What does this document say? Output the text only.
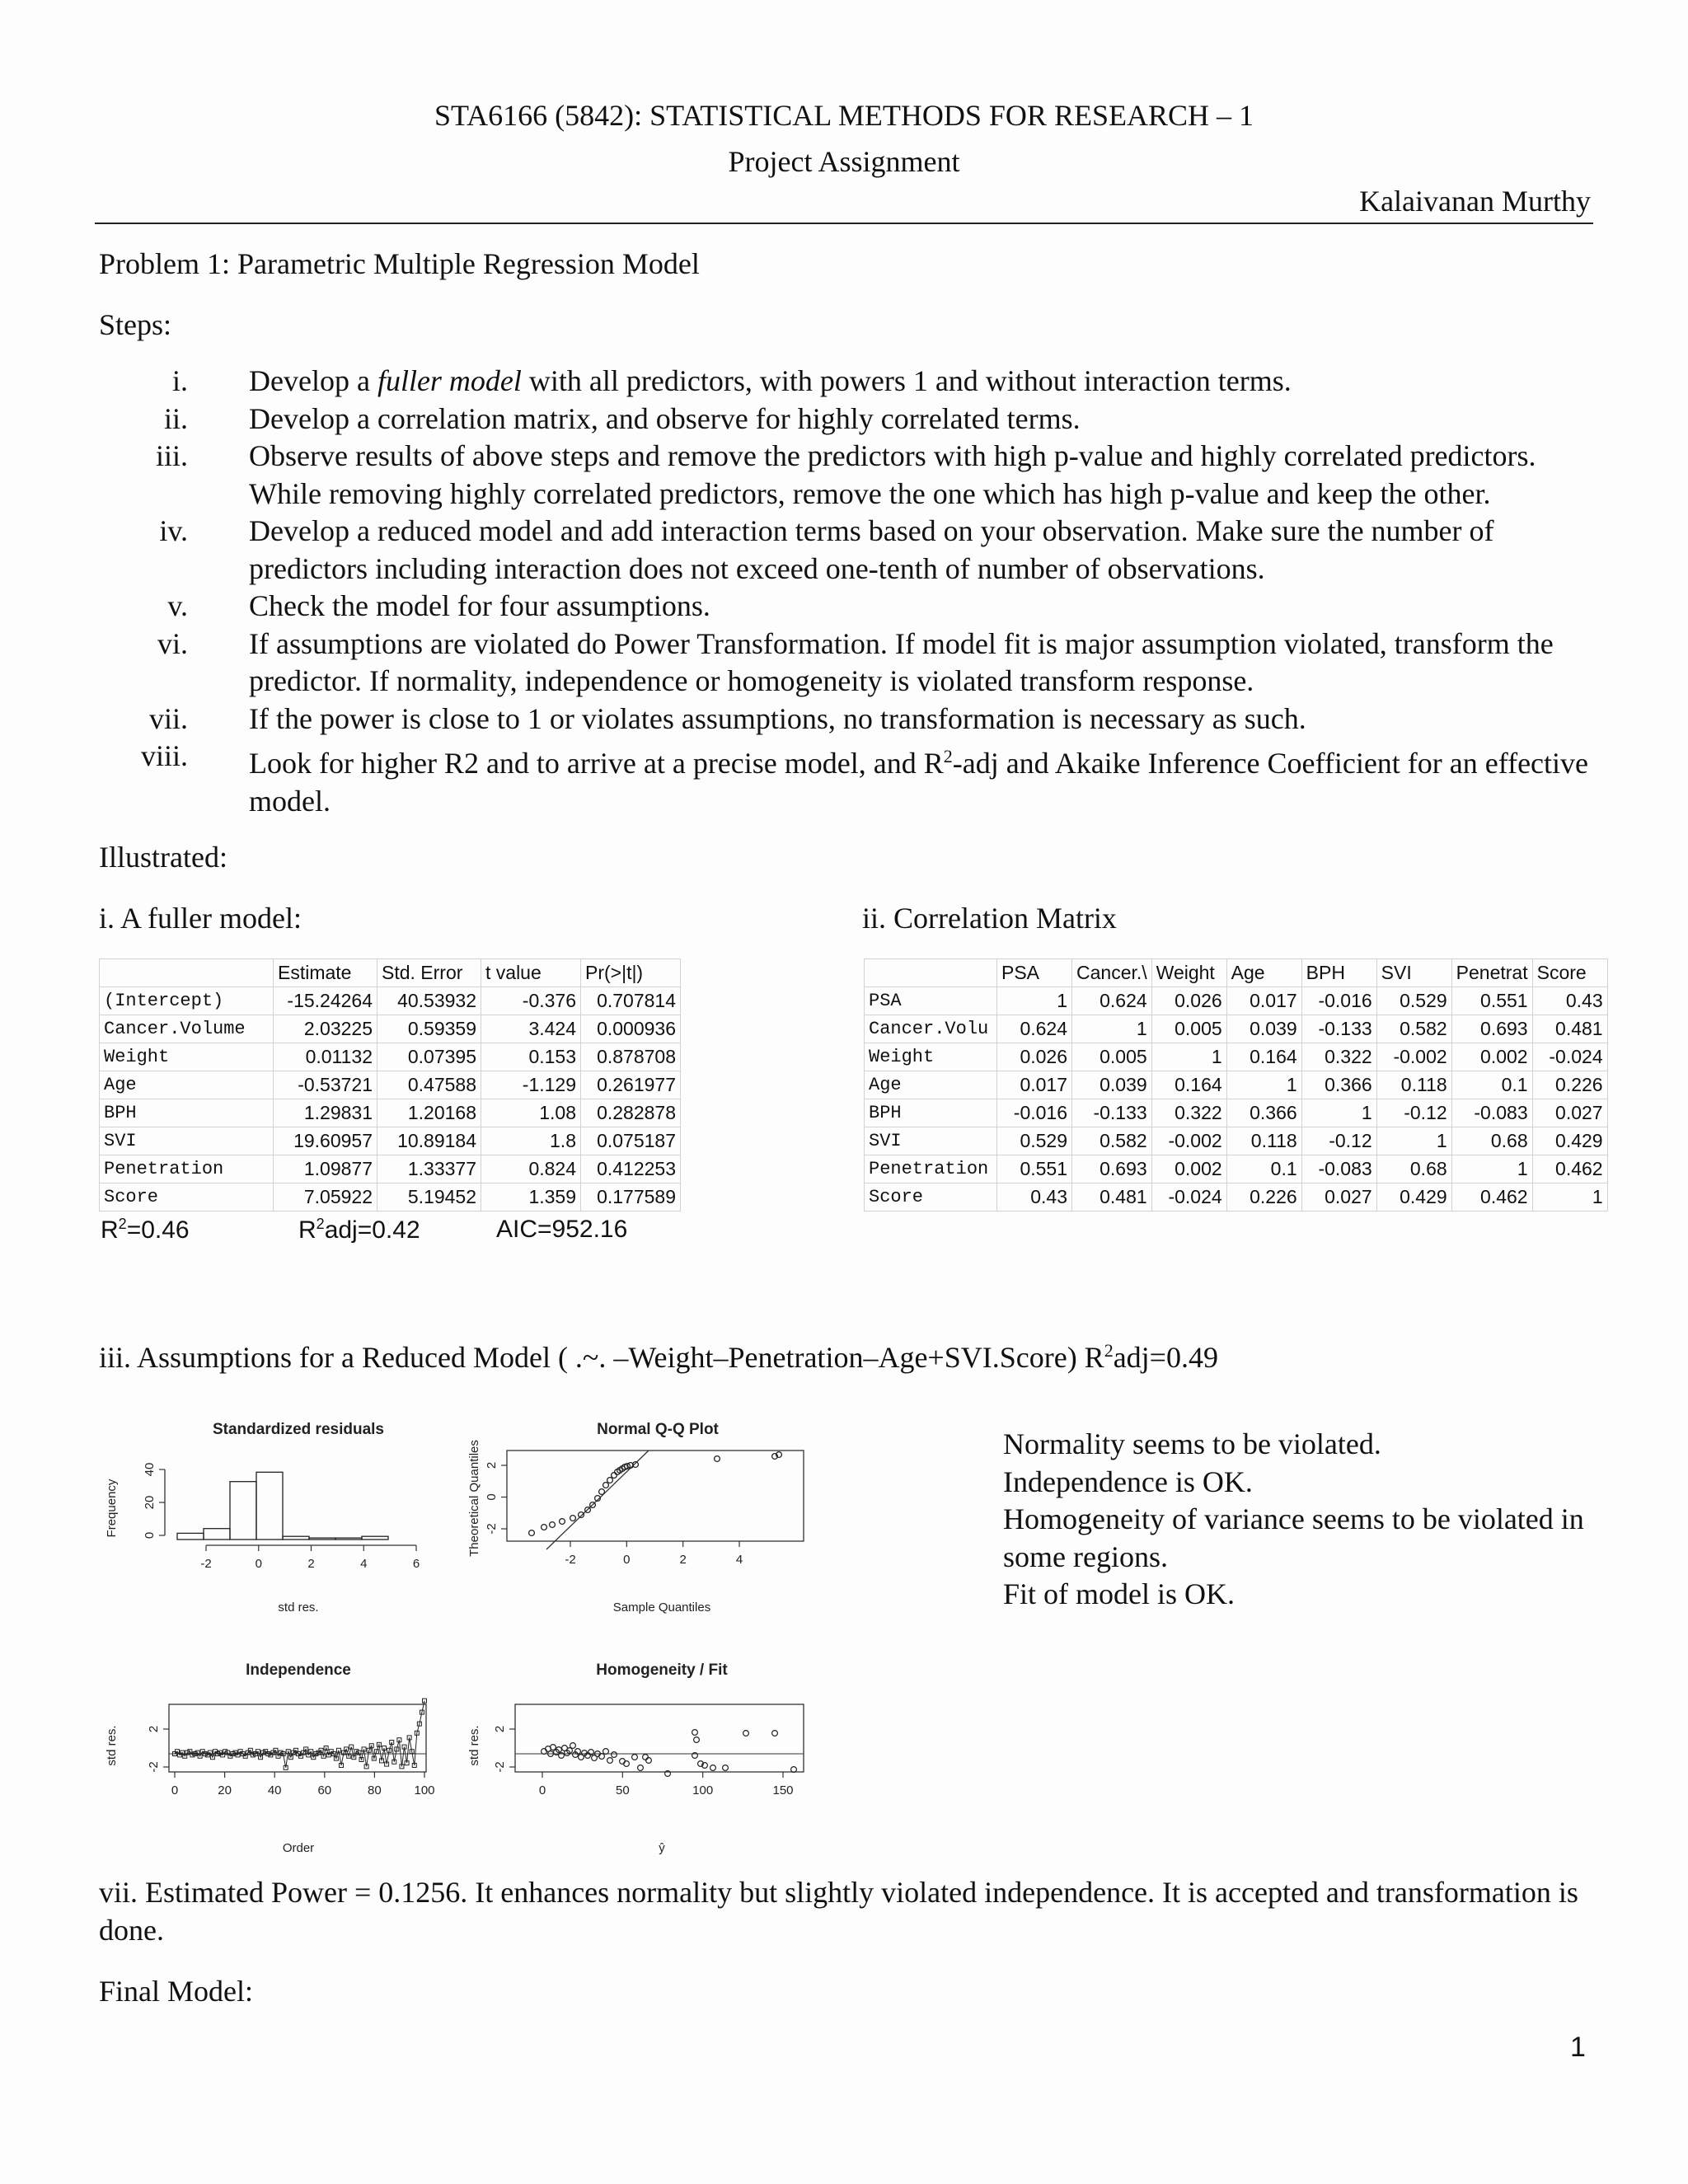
STA6166 (5842): STATISTICAL METHODS FOR RESEARCH – 1
Project Assignment
Kalaivanan Murthy
Problem 1: Parametric Multiple Regression Model
Steps:
i. Develop a fuller model with all predictors, with powers 1 and without interaction terms.
ii. Develop a correlation matrix, and observe for highly correlated terms.
iii. Observe results of above steps and remove the predictors with high p-value and highly correlated predictors. While removing highly correlated predictors, remove the one which has high p-value and keep the other.
iv. Develop a reduced model and add interaction terms based on your observation. Make sure the number of predictors including interaction does not exceed one-tenth of number of observations.
v. Check the model for four assumptions.
vi. If assumptions are violated do Power Transformation. If model fit is major assumption violated, transform the predictor. If normality, independence or homogeneity is violated transform response.
vii. If the power is close to 1 or violates assumptions, no transformation is necessary as such.
viii. Look for higher R2 and to arrive at a precise model, and $R^2$-adj and Akaike Inference Coefficient for an effective model.
Illustrated:
i. A fuller model:	ii. Correlation Matrix
	Estimate	Std. Error	t value	Pr(>|t|)
(Intercept)	-15.24264	40.53932	-0.376	0.707814
Cancer.Volume	2.03225	0.59359	3.424	0.000936
Weight	0.01132	0.07395	0.153	0.878708
Age	-0.53721	0.47588	-1.129	0.261977
BPH	1.29831	1.20168	1.08	0.282878
SVI	19.60957	10.89184	1.8	0.075187
Penetration	1.09877	1.33377	0.824	0.412253
Score	7.05922	5.19452	1.359	0.177589
$R^2=0.46$	$R^2adj=0.42$	AIC=952.16
	PSA	Cancer.\	Weight	Age	BPH	SVI	Penetrat	Score
PSA	1	0.624	0.026	0.017	-0.016	0.529	0.551	0.43
Cancer.Volu	0.624	1	0.005	0.039	-0.133	0.582	0.693	0.481
Weight	0.026	0.005	1	0.164	0.322	-0.002	0.002	-0.024
Age	0.017	0.039	0.164	1	0.366	0.118	0.1	0.226
BPH	-0.016	-0.133	0.322	0.366	1	-0.12	-0.083	0.027
SVI	0.529	0.582	-0.002	0.118	-0.12	1	0.68	0.429
Penetration	0.551	0.693	0.002	0.1	-0.083	0.68	1	0.462
Score	0.43	0.481	-0.024	0.226	0.027	0.429	0.462	1
iii. Assumptions for a Reduced Model ( .~. –Weight–Penetration–Age+SVI.Score) $R^2adj=0.49$
Standardized residuals
-2	0	2	4	6
0
20
40
std res.
Frequency
Normal Q-Q Plot
-2	0	2	4
-2
0
2
Sample Quantiles
Theoretical Quantiles
Independence
0	20	40	60	80	100
-2
2
Order
std res.
Homogeneity / Fit
0	50	100	150
-2
2
ŷ
std res.
Normality seems to be violated.
Independence is OK.
Homogeneity of variance seems to be violated in some regions.
Fit of model is OK.
vii. Estimated Power = 0.1256. It enhances normality but slightly violated independence. It is accepted and transformation is done.
Final Model:
1
